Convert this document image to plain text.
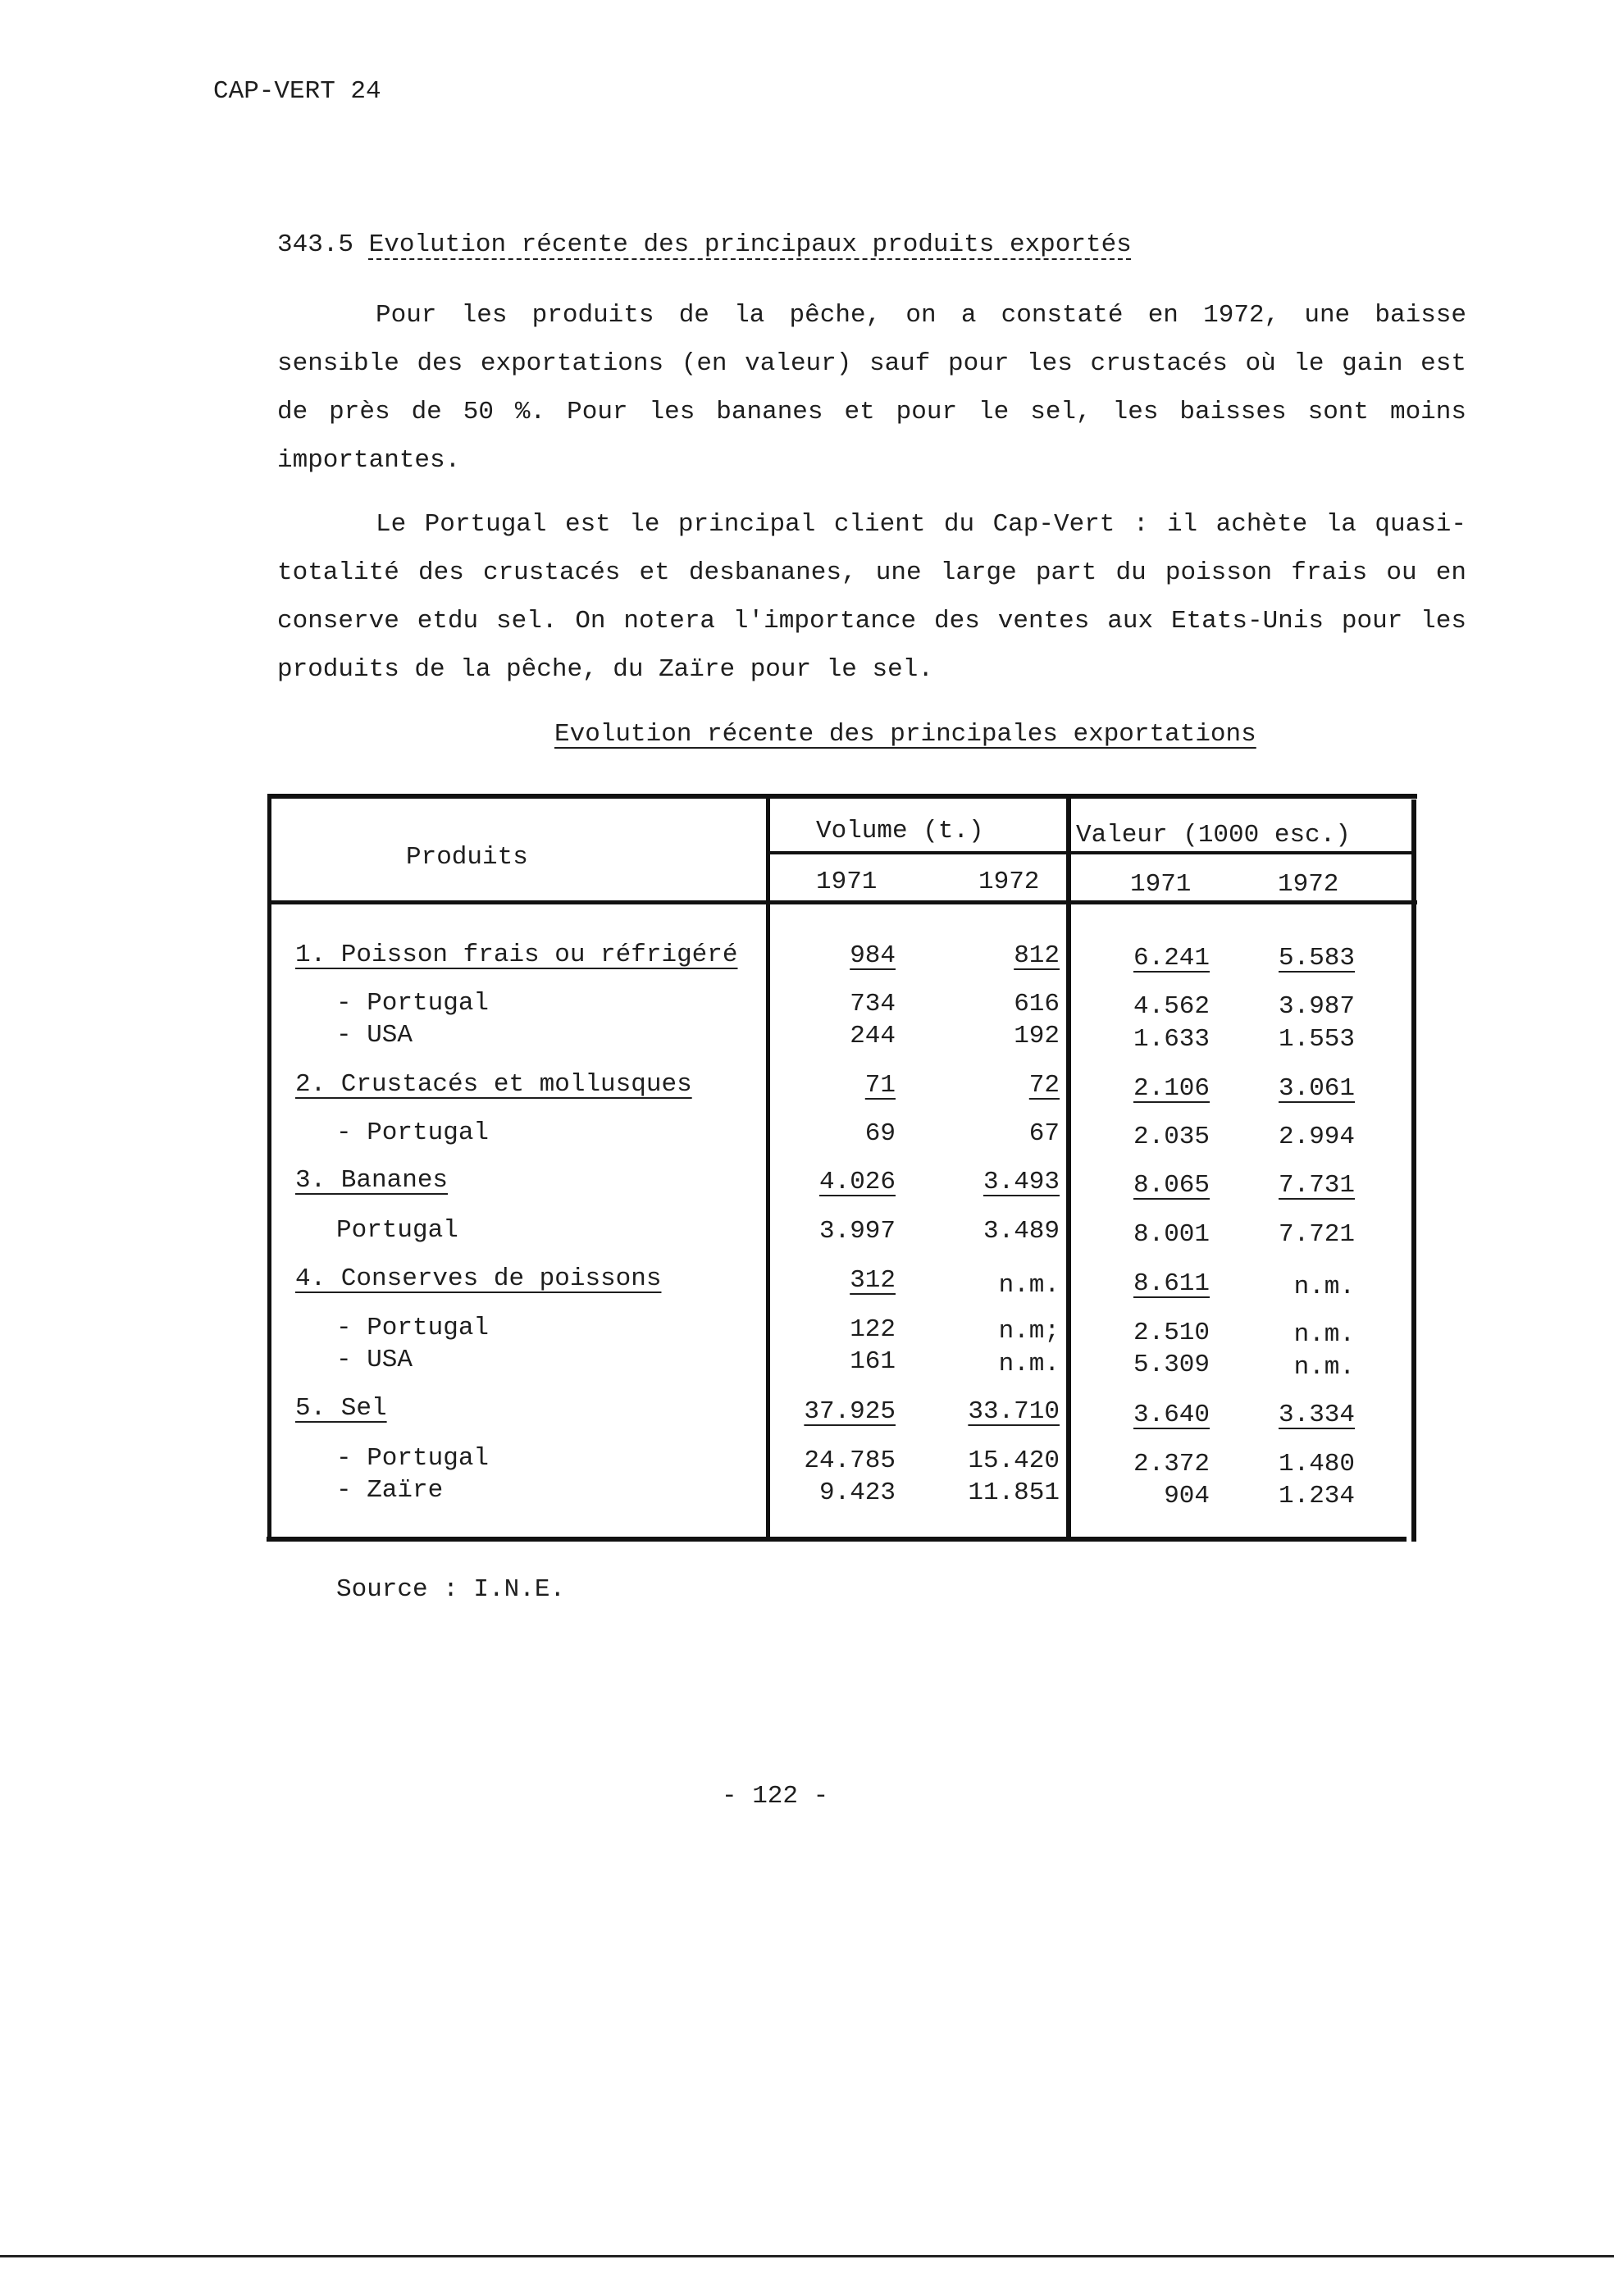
CAP-VERT 24
343.5 Evolution récente des principaux produits exportés

Pour les produits de la pêche, on a constaté en 1972, une baisse sensible des exportations (en valeur) sauf pour les crustacés où le gain est de près de 50 %. Pour les bananes et pour le sel, les baisses sont moins importantes.

Le Portugal est le principal client du Cap-Vert : il achète la quasi-totalité des crustacés et desbananes, une large part du poisson frais ou en conserve etdu sel. On notera l'importance des ventes aux Etats-Unis pour les produits de la pêche, du Zaïre pour le sel.

Evolution récente des principales exportations
Produits
Volume (t.)	Valeur (1000 esc.)
1971	1972	1971	1972
1. Poisson frais ou réfrigéré	984	812	6.241	5.583
- Portugal	734	616	4.562	3.987
- USA	244	192	1.633	1.553
2. Crustacés et mollusques	71	72	2.106	3.061
- Portugal	69	67	2.035	2.994
3. Bananes	4.026	3.493	8.065	7.731
Portugal	3.997	3.489	8.001	7.721
4. Conserves de poissons	312	n.m.	8.611	n.m.
- Portugal	122	n.m;	2.510	n.m.
- USA	161	n.m.	5.309	n.m.
5. Sel	37.925	33.710	3.640	3.334
- Portugal	24.785	15.420	2.372	1.480
- Zaïre	9.423	11.851	904	1.234
Source : I.N.E.
- 122 -
